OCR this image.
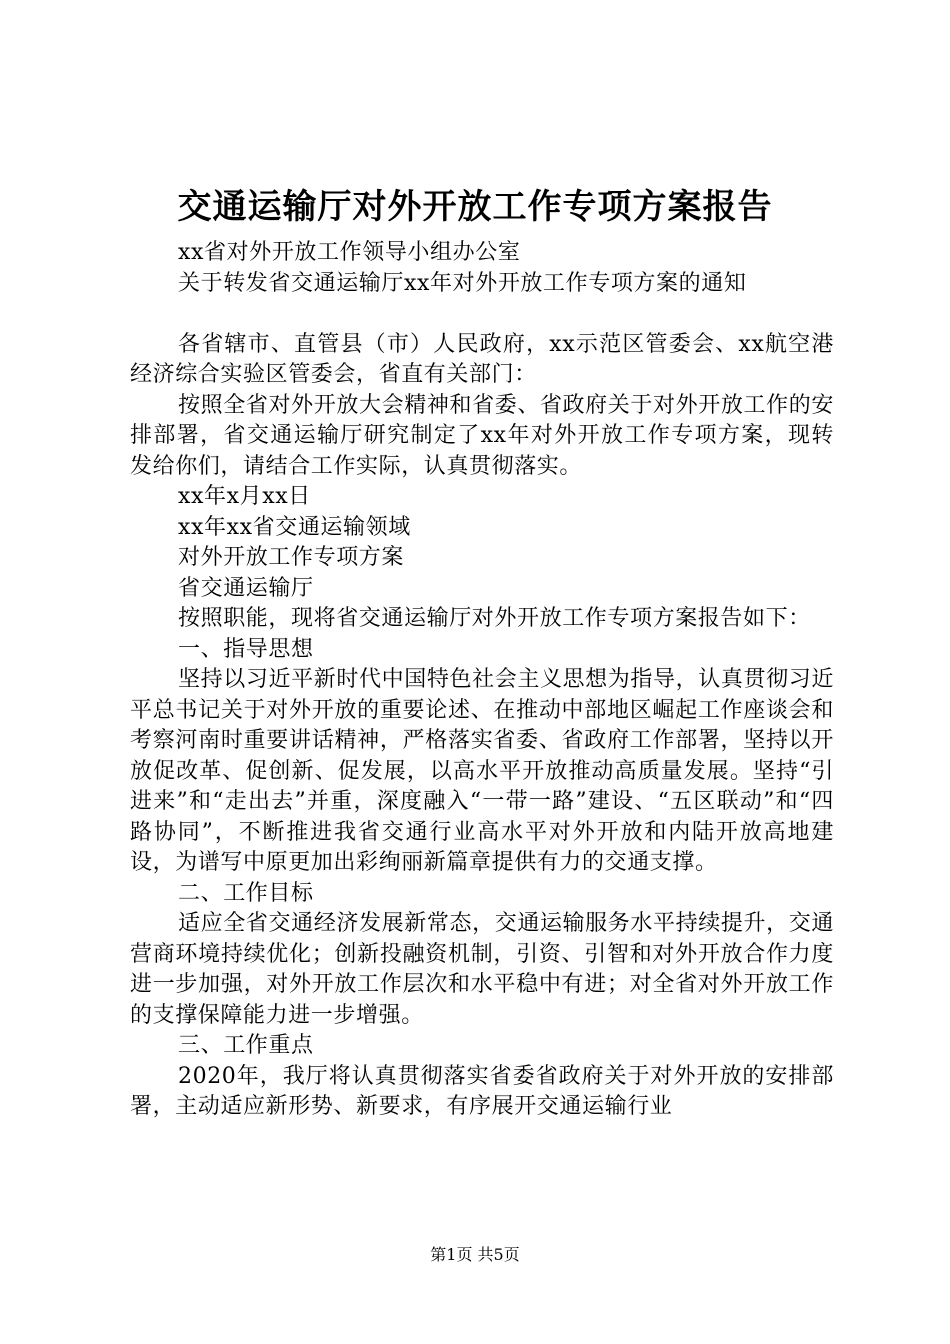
交通运输厅对外开放工作专项方案报告

xx省对外开放工作领导小组办公室

关于转发省交通运输厅xx年对外开放工作专项方案的通知

各省辖市、直管县（市）人民政府，xx示范区管委会、xx航空港经济综合实验区管委会，省直有关部门：

按照全省对外开放大会精神和省委、省政府关于对外开放工作的安排部署，省交通运输厅研究制定了xx年对外开放工作专项方案，现转发给你们，请结合工作实际，认真贯彻落实。

xx年x月xx日

xx年xx省交通运输领域

对外开放工作专项方案

省交通运输厅

按照职能，现将省交通运输厅对外开放工作专项方案报告如下：

一、指导思想

坚持以习近平新时代中国特色社会主义思想为指导，认真贯彻习近平总书记关于对外开放的重要论述、在推动中部地区崛起工作座谈会和考察河南时重要讲话精神，严格落实省委、省政府工作部署，坚持以开放促改革、促创新、促发展，以高水平开放推动高质量发展。坚持“引进来”和“走出去”并重，深度融入“一带一路”建设、“五区联动”和“四路协同”，不断推进我省交通行业高水平对外开放和内陆开放高地建设，为谱写中原更加出彩绚丽新篇章提供有力的交通支撑。

二、工作目标

适应全省交通经济发展新常态，交通运输服务水平持续提升，交通营商环境持续优化；创新投融资机制，引资、引智和对外开放合作力度进一步加强，对外开放工作层次和水平稳中有进；对全省对外开放工作的支撑保障能力进一步增强。

三、工作重点

2020年，我厅将认真贯彻落实省委省政府关于对外开放的安排部署，主动适应新形势、新要求，有序展开交通运输行业

第1页 共5页
